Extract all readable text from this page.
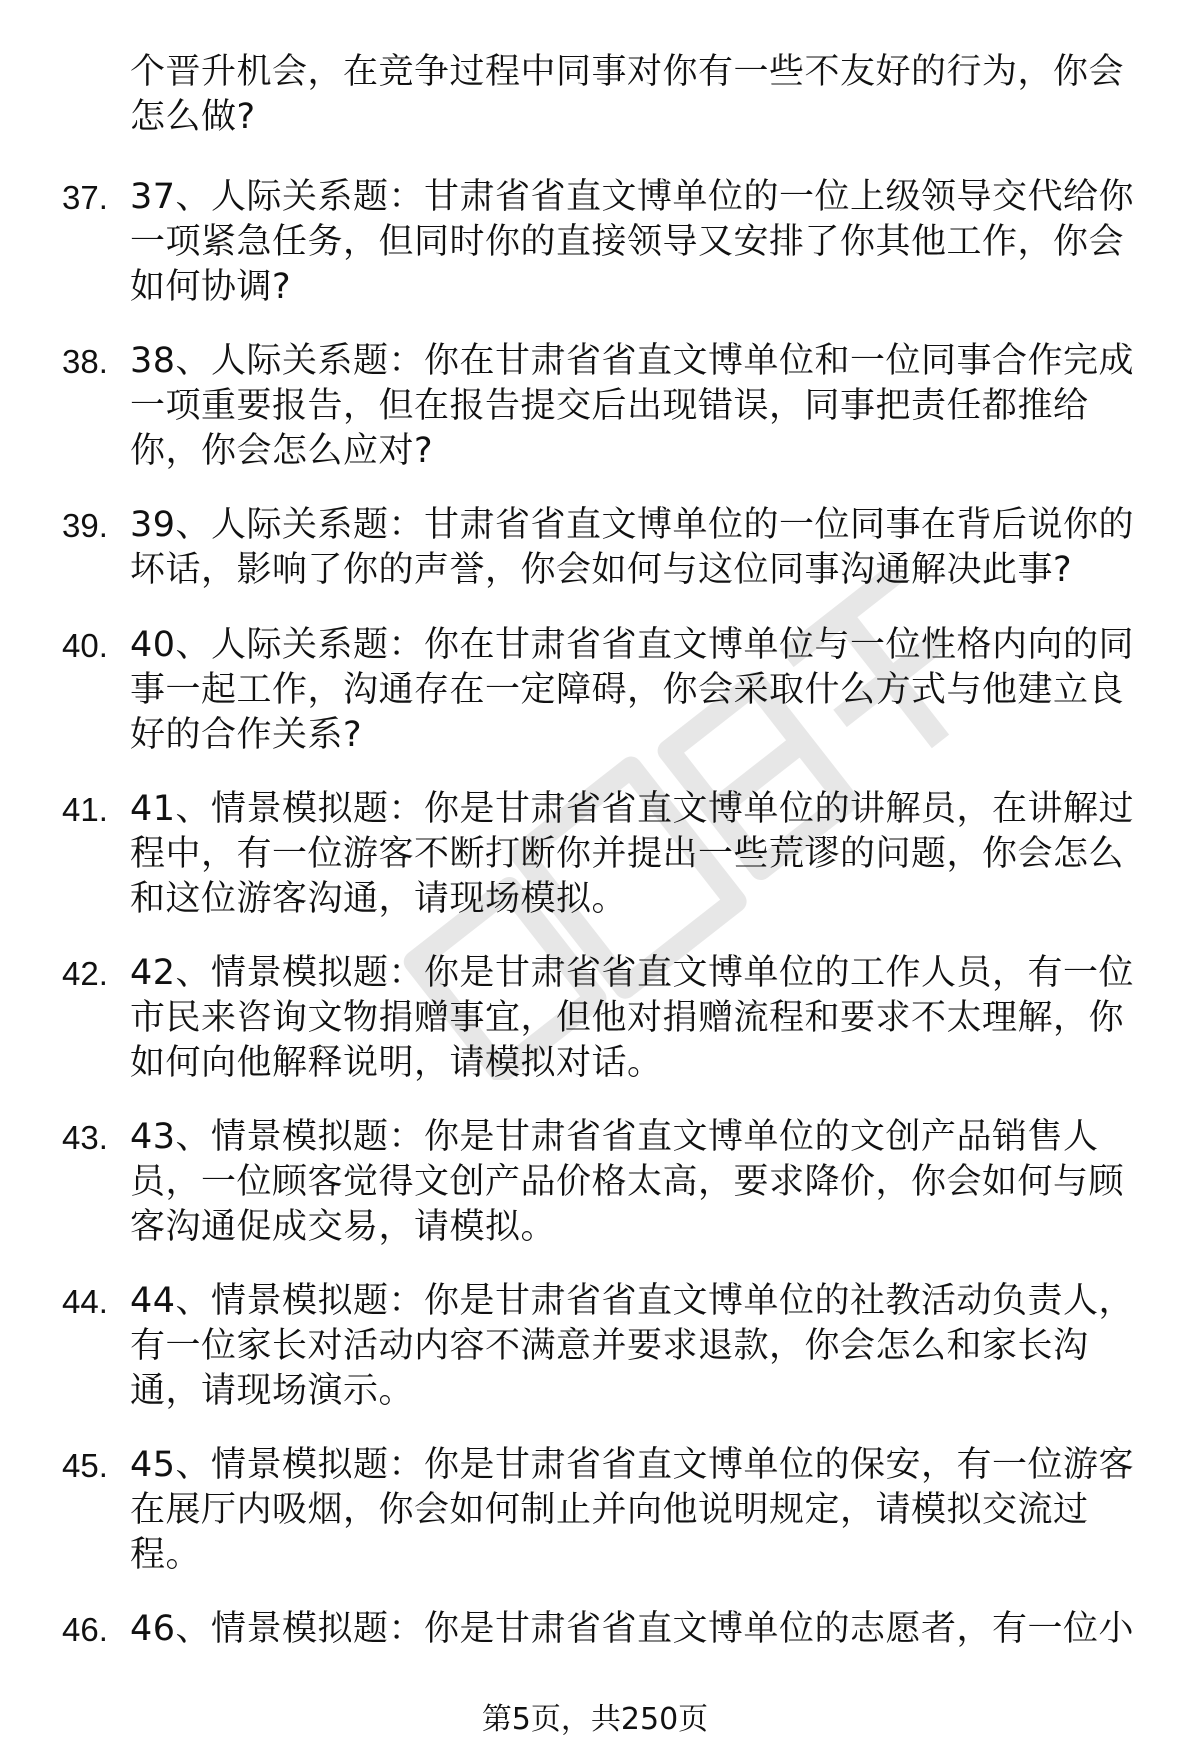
个晋升机会，在竞争过程中同事对你有一些不友好的行为，你会怎么做?

37. 37、人际关系题：甘肃省省直文博单位的一位上级领导交代给你一项紧急任务，但同时你的直接领导又安排了你其他工作，你会如何协调?

38. 38、人际关系题：你在甘肃省省直文博单位和一位同事合作完成一项重要报告，但在报告提交后出现错误，同事把责任都推给你，你会怎么应对?

39. 39、人际关系题：甘肃省省直文博单位的一位同事在背后说你的坏话，影响了你的声誉，你会如何与这位同事沟通解决此事?

40. 40、人际关系题：你在甘肃省省直文博单位与一位性格内向的同事一起工作，沟通存在一定障碍，你会采取什么方式与他建立良好的合作关系?

41. 41、情景模拟题：你是甘肃省省直文博单位的讲解员，在讲解过程中，有一位游客不断打断你并提出一些荒谬的问题，你会怎么和这位游客沟通，请现场模拟。

42. 42、情景模拟题：你是甘肃省省直文博单位的工作人员，有一位市民来咨询文物捐赠事宜，但他对捐赠流程和要求不太理解，你如何向他解释说明，请模拟对话。

43. 43、情景模拟题：你是甘肃省省直文博单位的文创产品销售人员，一位顾客觉得文创产品价格太高，要求降价，你会如何与顾客沟通促成交易，请模拟。

44. 44、情景模拟题：你是甘肃省省直文博单位的社教活动负责人，有一位家长对活动内容不满意并要求退款，你会怎么和家长沟通，请现场演示。

45. 45、情景模拟题：你是甘肃省省直文博单位的保安，有一位游客在展厅内吸烟，你会如何制止并向他说明规定，请模拟交流过程。

46. 46、情景模拟题：你是甘肃省省直文博单位的志愿者，有一位小

第5页，共250页
